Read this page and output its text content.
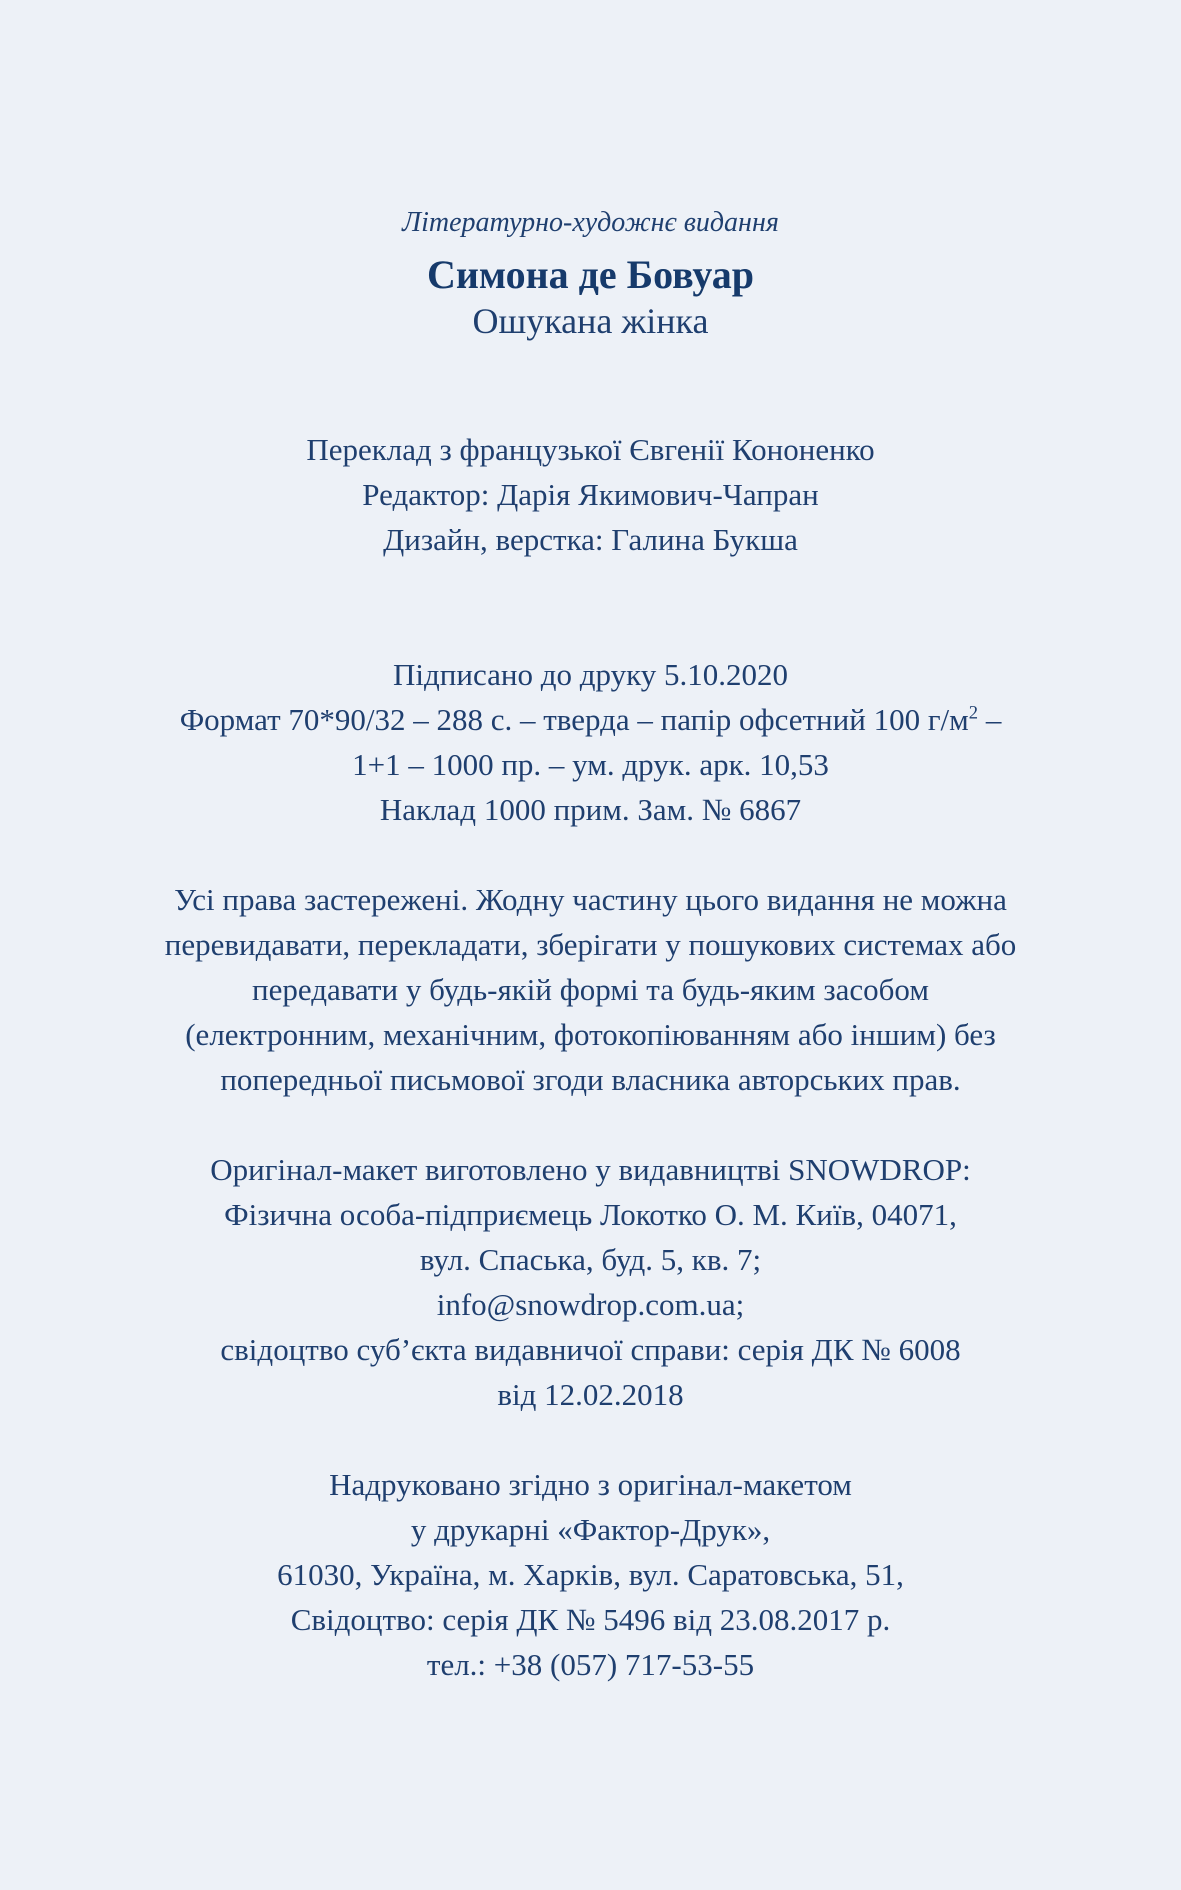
Літературно-художнє видання
Симона де Бовуар
Ошукана жінка
Переклад з французької Євгенії Кононенко
Редактор: Дарія Якимович-Чапран
Дизайн, верстка: Галина Букша
Підписано до друку 5.10.2020
Формат 70*90/32 – 288 с. – тверда – папір офсетний 100 $г/м^2$ –
1+1 – 1000 пр. – ум. друк. арк. 10,53
Наклад 1000 прим. Зам. № 6867
Усі права застережені. Жодну частину цього видання не можна
перевидавати, перекладати, зберігати у пошукових системах або
передавати у будь-якій формі та будь-яким засобом
(електронним, механічним, фотокопіюванням або іншим) без
попередньої письмової згоди власника авторських прав.
Оригінал-макет виготовлено у видавництві SNOWDROP:
Фізична особа-підприємець Локотко О. М. Київ, 04071,
вул. Спаська, буд. 5, кв. 7;
info@snowdrop.com.ua;
свідоцтво суб’єкта видавничої справи: серія ДК № 6008
від 12.02.2018
Надруковано згідно з оригінал-макетом
у друкарні «Фактор-Друк»,
61030, Україна, м. Харків, вул. Саратовська, 51,
Свідоцтво: серія ДК № 5496 від 23.08.2017 р.
тел.: +38 (057) 717-53-55
